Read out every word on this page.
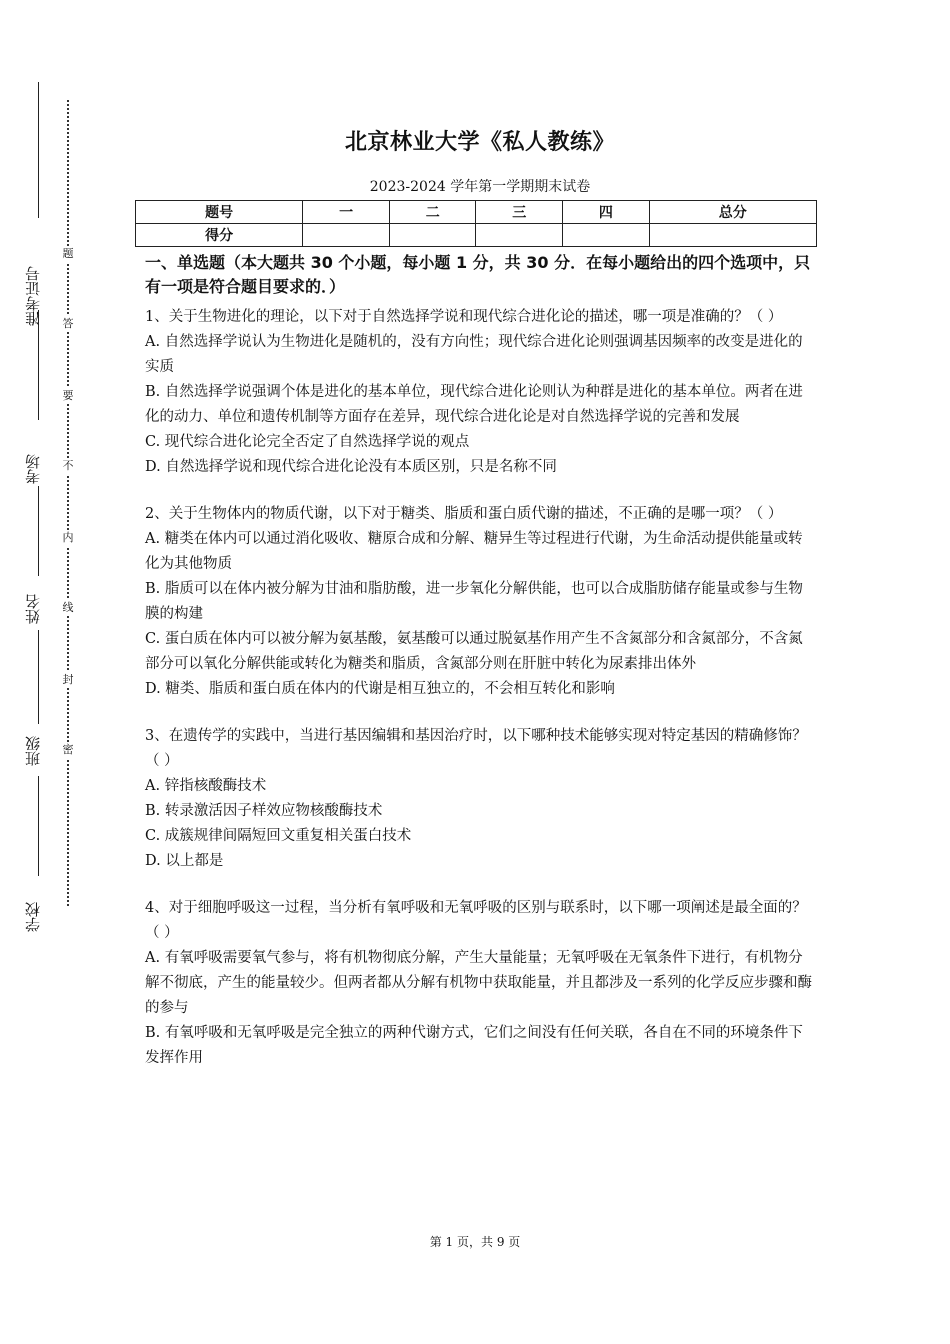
准考证号
考场
姓名
班级
学校
题
答
要
不
内
线
封
密
北京林业大学《私人教练》
2023-2024 学年第一学期期末试卷
题号	一	二	三	四	总分
得分					
一、单选题（本大题共 30 个小题，每小题 1 分，共 30 分．在每小题给出的四个选项中，只有一项是符合题目要求的．）

1、关于生物进化的理论，以下对于自然选择学说和现代综合进化论的描述，哪一项是准确的？（ ）

A. 自然选择学说认为生物进化是随机的，没有方向性；现代综合进化论则强调基因频率的改变是进化的实质

B. 自然选择学说强调个体是进化的基本单位，现代综合进化论则认为种群是进化的基本单位。两者在进化的动力、单位和遗传机制等方面存在差异，现代综合进化论是对自然选择学说的完善和发展

C. 现代综合进化论完全否定了自然选择学说的观点

D. 自然选择学说和现代综合进化论没有本质区别，只是名称不同

2、关于生物体内的物质代谢，以下对于糖类、脂质和蛋白质代谢的描述，不正确的是哪一项？（ ）

A. 糖类在体内可以通过消化吸收、糖原合成和分解、糖异生等过程进行代谢，为生命活动提供能量或转化为其他物质

B. 脂质可以在体内被分解为甘油和脂肪酸，进一步氧化分解供能，也可以合成脂肪储存能量或参与生物膜的构建

C. 蛋白质在体内可以被分解为氨基酸，氨基酸可以通过脱氨基作用产生不含氮部分和含氮部分，不含氮部分可以氧化分解供能或转化为糖类和脂质，含氮部分则在肝脏中转化为尿素排出体外

D. 糖类、脂质和蛋白质在体内的代谢是相互独立的，不会相互转化和影响

3、在遗传学的实践中，当进行基因编辑和基因治疗时，以下哪种技术能够实现对特定基因的精确修饰？（ ）

A. 锌指核酸酶技术

B. 转录激活因子样效应物核酸酶技术

C. 成簇规律间隔短回文重复相关蛋白技术

D. 以上都是

4、对于细胞呼吸这一过程，当分析有氧呼吸和无氧呼吸的区别与联系时，以下哪一项阐述是最全面的？（ ）

A. 有氧呼吸需要氧气参与，将有机物彻底分解，产生大量能量；无氧呼吸在无氧条件下进行，有机物分解不彻底，产生的能量较少。但两者都从分解有机物中获取能量，并且都涉及一系列的化学反应步骤和酶的参与

B. 有氧呼吸和无氧呼吸是完全独立的两种代谢方式，它们之间没有任何关联，各自在不同的环境条件下发挥作用

第 1 页，共 9 页
